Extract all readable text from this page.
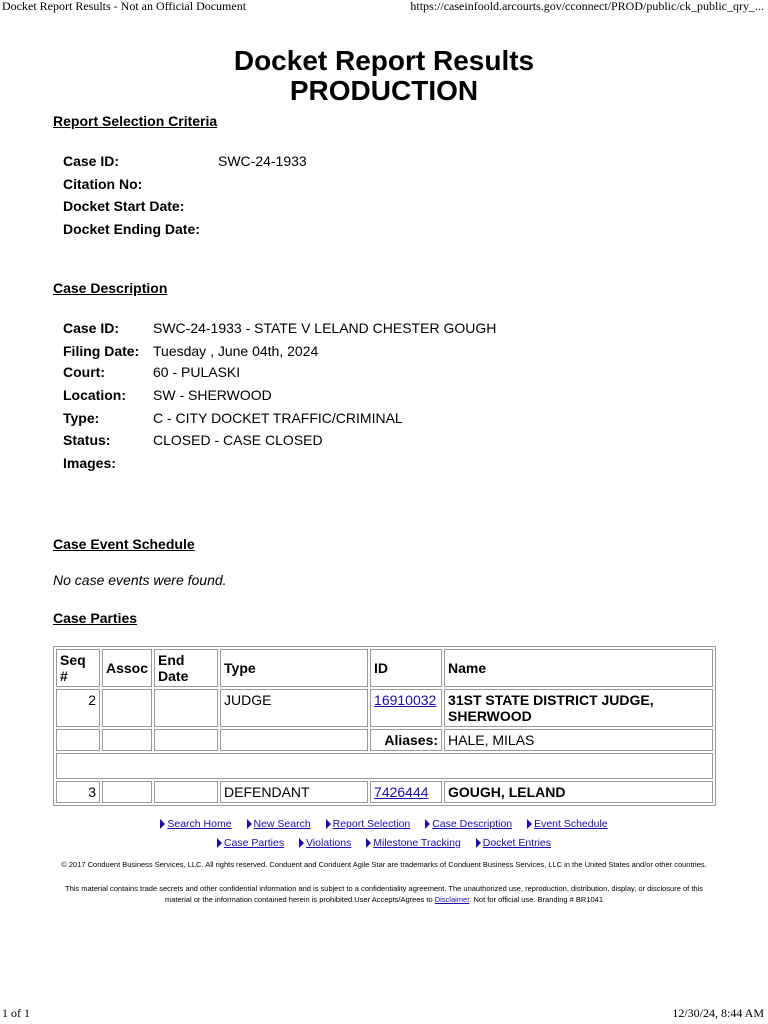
Docket Report Results - Not an Official Document	https://caseinfoold.arcourts.gov/cconnect/PROD/public/ck_public_qry_...
Docket Report Results
PRODUCTION
Report Selection Criteria
Case ID:	SWC-24-1933
Citation No:
Docket Start Date:
Docket Ending Date:
Case Description
Case ID: SWC-24-1933 - STATE V LELAND CHESTER GOUGH
Filing Date: Tuesday , June 04th, 2024
Court:	60 - PULASKI
Location: SW - SHERWOOD
Type:	C - CITY DOCKET TRAFFIC/CRIMINAL
Status:	CLOSED - CASE CLOSED
Images:
Case Event Schedule
No case events were found.
Case Parties
Seq #	Assoc	End Date	Type	ID	Name
2			JUDGE	16910032	31ST STATE DISTRICT JUDGE, SHERWOOD
				Aliases:	HALE, MILAS

3			DEFENDANT	7426444	GOUGH, LELAND
Search Home New Search Report Selection Case Description Event Schedule
Case Parties Violations Milestone Tracking Docket Entries
© 2017 Conduent Business Services, LLC. All rights reserved. Conduent and Conduent Agile Star are trademarks of Conduent Business Services, LLC in the United States and/or other countries.
This material contains trade secrets and other confidential information and is subject to a confidentiality agreement. The unauthorized use, reproduction, distribution, display, or disclosure of this material or the information contained herein is prohibited.User Accepts/Agrees to Disclaimer. Not for official use. Branding # BR1041
1 of 1	12/30/24, 8:44 AM
